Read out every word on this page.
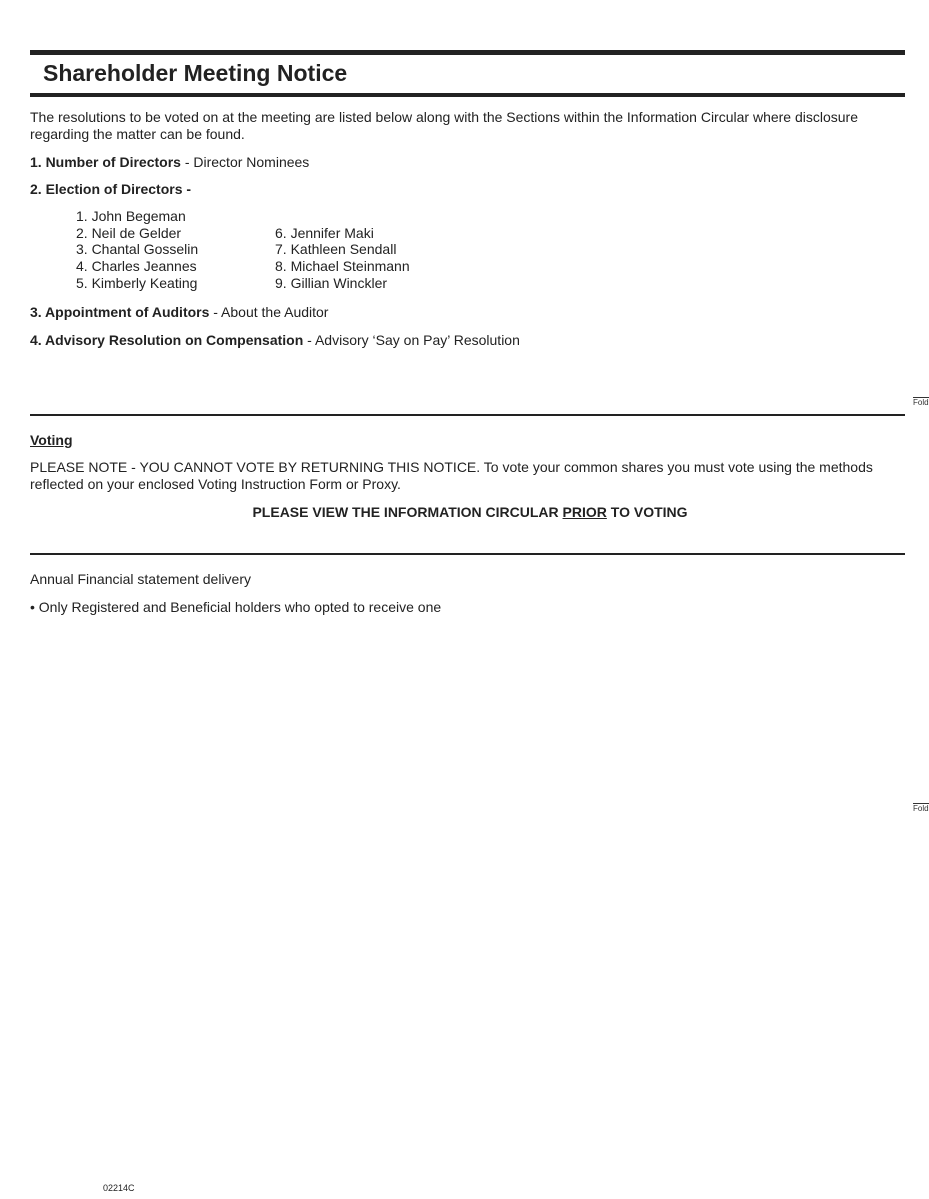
Shareholder Meeting Notice
The resolutions to be voted on at the meeting are listed below along with the Sections within the Information Circular where disclosure regarding the matter can be found.
1. Number of Directors - Director Nominees
2. Election of Directors -
1. John Begeman
2. Neil de Gelder
3. Chantal Gosselin
4. Charles Jeannes
5. Kimberly Keating
6. Jennifer Maki
7. Kathleen Sendall
8. Michael Steinmann
9. Gillian Winckler
3. Appointment of Auditors - About the Auditor
4. Advisory Resolution on Compensation - Advisory ‘Say on Pay’ Resolution
Fold
Voting
PLEASE NOTE - YOU CANNOT VOTE BY RETURNING THIS NOTICE. To vote your common shares you must vote using the methods reflected on your enclosed Voting Instruction Form or Proxy.
PLEASE VIEW THE INFORMATION CIRCULAR PRIOR TO VOTING
Annual Financial statement delivery
• Only Registered and Beneficial holders who opted to receive one
Fold
02214C
